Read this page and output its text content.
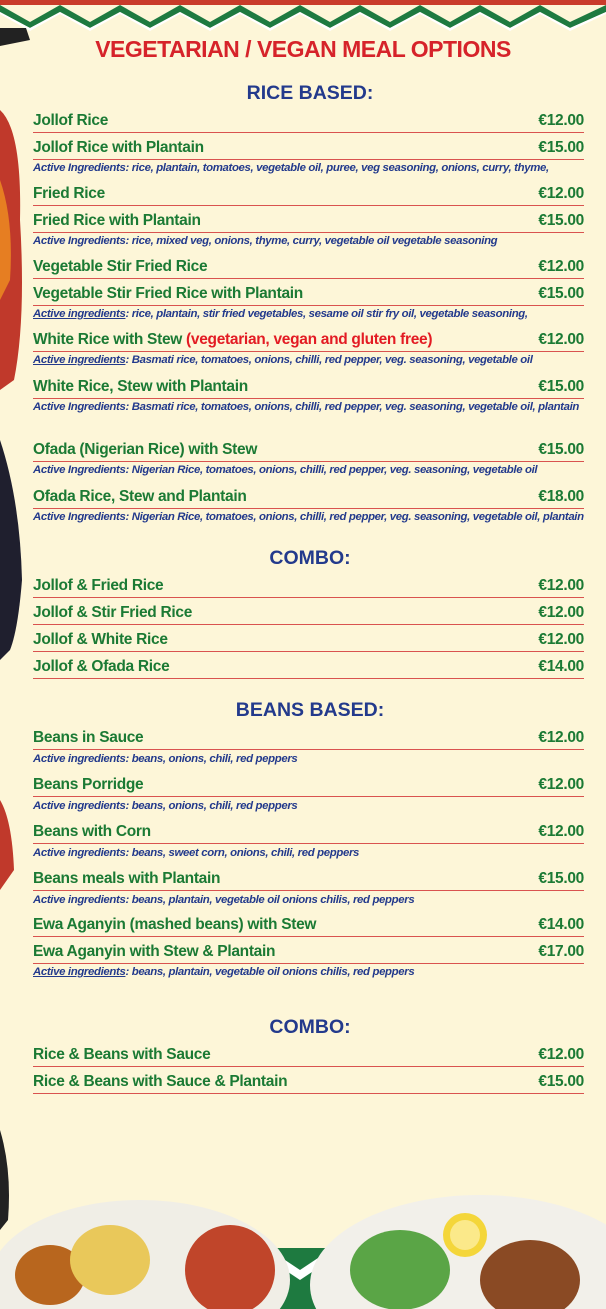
VEGETARIAN / VEGAN MEAL OPTIONS
RICE BASED:
Jollof Rice	€12.00
Jollof Rice with Plantain	€15.00
Active Ingredients: rice, plantain, tomatoes, vegetable oil, puree, veg seasoning, onions, curry, thyme,
Fried Rice	€12.00
Fried Rice with Plantain	€15.00
Active Ingredients: rice, mixed veg, onions, thyme, curry, vegetable oil vegetable seasoning
Vegetable Stir Fried Rice	€12.00
Vegetable Stir Fried Rice with Plantain	€15.00
Active ingredients: rice, plantain, stir fried vegetables, sesame oil stir fry oil, vegetable seasoning,
White Rice with Stew (vegetarian, vegan and gluten free)	€12.00
Active ingredients: Basmati rice, tomatoes, onions, chilli, red pepper, veg. seasoning, vegetable oil
White Rice, Stew with Plantain	€15.00
Active Ingredients: Basmati rice, tomatoes, onions, chilli, red pepper, veg. seasoning, vegetable oil, plantain
Ofada (Nigerian Rice) with Stew	€15.00
Active Ingredients: Nigerian Rice, tomatoes, onions, chilli, red pepper, veg. seasoning, vegetable oil
Ofada Rice, Stew and Plantain	€18.00
Active Ingredients: Nigerian Rice, tomatoes, onions, chilli, red pepper, veg. seasoning, vegetable oil, plantain
COMBO:
Jollof & Fried Rice	€12.00
Jollof & Stir Fried Rice	€12.00
Jollof & White Rice	€12.00
Jollof & Ofada Rice	€14.00
BEANS BASED:
Beans in Sauce	€12.00
Active ingredients: beans, onions, chili, red peppers
Beans Porridge	€12.00
Active ingredients: beans, onions, chili, red peppers
Beans with Corn	€12.00
Active ingredients: beans, sweet corn, onions, chili, red peppers
Beans meals with Plantain	€15.00
Active ingredients: beans, plantain, vegetable oil onions chilis, red peppers
Ewa Aganyin (mashed beans) with Stew	€14.00
Ewa Aganyin with Stew & Plantain	€17.00
Active ingredients: beans, plantain, vegetable oil onions chilis, red peppers
COMBO:
Rice & Beans with Sauce	€12.00
Rice & Beans with Sauce & Plantain	€15.00
